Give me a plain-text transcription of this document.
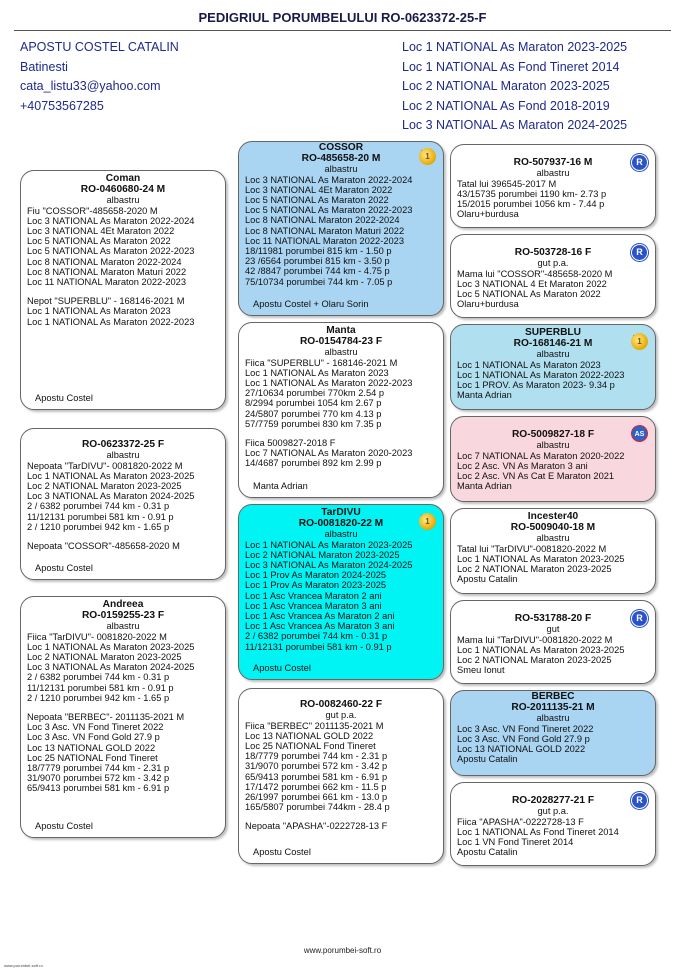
PEDIGRIUL PORUMBELULUI RO-0623372-25-F
APOSTU COSTEL CATALIN
Batinesti
cata_listu33@yahoo.com
+40753567285
Loc 1 NATIONAL As Maraton 2023-2025
Loc 1 NATIONAL As Fond Tineret 2014
Loc 2 NATIONAL Maraton 2023-2025
Loc 2 NATIONAL As Fond 2018-2019
Loc 3 NATIONAL As Maraton 2024-2025
Coman
RO-0460680-24 M
albastru
Fiu "COSSOR"-485658-2020 M
Loc 3 NATIONAL As Maraton 2022-2024
Loc 3 NATIONAL 4Et Maraton 2022
Loc 5 NATIONAL As Maraton 2022
Loc 5 NATIONAL As Maraton 2022-2023
Loc 8 NATIONAL Maraton 2022-2024
Loc 8 NATIONAL Maraton Maturi 2022
Loc 11 NATIONAL Maraton 2022-2023
Nepot "SUPERBLU" - 168146-2021 M
Loc 1 NATIONAL As Maraton 2023
Loc 1 NATIONAL As Maraton 2022-2023
Apostu Costel
RO-0623372-25 F
albastru
Nepoata "TarDIVU"- 0081820-2022 M
Loc 1 NATIONAL As Maraton 2023-2025
Loc 2 NATIONAL Maraton 2023-2025
Loc 3 NATIONAL As Maraton 2024-2025
2 / 6382 porumbei 744 km - 0.31 p
11/12131 porumbei 581 km - 0.91 p
2 / 1210 porumbei 942 km - 1.65 p
Nepoata "COSSOR"-485658-2020 M
Apostu Costel
Andreea
RO-0159255-23 F
albastru
Fiica "TarDIVU"- 0081820-2022 M
Loc 1 NATIONAL As Maraton 2023-2025
Loc 2 NATIONAL Maraton 2023-2025
Loc 3 NATIONAL As Maraton 2024-2025
2 / 6382 porumbei 744 km - 0.31 p
11/12131 porumbei 581 km - 0.91 p
2 / 1210 porumbei 942 km - 1.65 p
Nepoata "BERBEC"- 2011135-2021 M
Loc 3 Asc. VN Fond Tineret 2022
Loc 3 Asc. VN Fond Gold 27.9 p
Loc 13 NATIONAL GOLD 2022
Loc 25 NATIONAL Fond Tineret
18/7779 porumbei 744 km - 2.31 p
31/9070 porumbei 572 km - 3.42 p
65/9413 porumbei 581 km - 6.91 p
Apostu Costel
COSSOR
RO-485658-20 M
albastru
Loc 3 NATIONAL As Maraton 2022-2024
Loc 3 NATIONAL 4Et Maraton 2022
Loc 5 NATIONAL As Maraton 2022
Loc 5 NATIONAL As Maraton 2022-2023
Loc 8 NATIONAL Maraton 2022-2024
Loc 8 NATIONAL Maraton Maturi 2022
Loc 11 NATIONAL Maraton 2022-2023
18/11981 porumbei 815 km - 1.50 p
23 /6564 porumbei 815 km - 3.50 p
42 /8847 porumbei 744 km - 4.75 p
75/10734 porumbei 744 km - 7.05 p
Apostu Costel + Olaru Sorin
1
Manta
RO-0154784-23 F
albastru
Fiica "SUPERBLU" - 168146-2021 M
Loc 1 NATIONAL As Maraton 2023
Loc 1 NATIONAL As Maraton 2022-2023
27/10634 porumbei 770km 2.54 p
8/2994 porumbei 1054 km 2.67 p
24/5807 porumbei 770 km 4.13 p
57/7759 porumbei 830 km 7.35 p
Fiica 5009827-2018 F
Loc 7 NATIONAL As Maraton 2020-2023
14/4687 porumbei 892 km 2.99 p
Manta Adrian
TarDIVU
RO-0081820-22 M
albastru
Loc 1 NATIONAL As Maraton 2023-2025
Loc 2 NATIONAL Maraton 2023-2025
Loc 3 NATIONAL As Maraton 2024-2025
Loc 1 Prov As Maraton 2024-2025
Loc 1 Prov As Maraton 2023-2025
Loc 1 Asc Vrancea Maraton 2 ani
Loc 1 Asc Vrancea Maraton 3 ani
Loc 1 Asc Vrancea As Maraton 2 ani
Loc 1 Asc Vrancea As Maraton 3 ani
2 / 6382 porumbei 744 km - 0.31 p
11/12131 porumbei 581 km - 0.91 p
Apostu Costel
1
RO-0082460-22 F
gut p.a.
Fiica "BERBEC" 2011135-2021 M
Loc 13 NATIONAL GOLD 2022
Loc 25 NATIONAL Fond Tineret
18/7779 porumbei 744 km - 2.31 p
31/9070 porumbei 572 km - 3.42 p
65/9413 porumbei 581 km - 6.91 p
17/1472 porumbei 662 km - 11.5 p
26/1997 porumbei 661 km - 13.0 p
165/5807 porumbei 744km - 28.4 p
Nepoata "APASHA"-0222728-13 F
Apostu Costel
RO-507937-16 M
albastru
Tatal lui 396545-2017 M
43/15735 porumbei 1190 km- 2.73 p
15/2015 porumbei 1056 km - 7.44 p
Olaru+burdusa
R
RO-503728-16 F
gut p.a.
Mama lui "COSSOR"-485658-2020 M
Loc 3 NATIONAL 4 Et Maraton 2022
Loc 5 NATIONAL As Maraton 2022
Olaru+burdusa
R
SUPERBLU
RO-168146-21 M
albastru
Loc 1 NATIONAL As Maraton 2023
Loc 1 NATIONAL As Maraton 2022-2023
Loc 1 PROV. As Maraton 2023- 9.34 p
Manta Adrian
1
RO-5009827-18 F
albastru
Loc 7 NATIONAL As Maraton 2020-2022
Loc 2 Asc. VN As Maraton 3 ani
Loc 2 Asc. VN As Cat E Maraton 2021
Manta Adrian
AS
Incester40
RO-5009040-18 M
albastru
Tatal lui "TarDIVU"-0081820-2022 M
Loc 1 NATIONAL As Maraton 2023-2025
Loc 2 NATIONAL Maraton 2023-2025
Apostu Catalin
RO-531788-20 F
gut
Mama lui "TarDIVU"-0081820-2022 M
Loc 1 NATIONAL As Maraton 2023-2025
Loc 2 NATIONAL Maraton 2023-2025
Smeu Ionut
R
BERBEC
RO-2011135-21 M
albastru
Loc 3 Asc. VN Fond Tineret 2022
Loc 3 Asc. VN Fond Gold 27.9 p
Loc 13 NATIONAL GOLD 2022
Apostu Catalin
RO-2028277-21 F
gut p.a.
Fiica "APASHA"-0222728-13 F
Loc 1 NATIONAL As Fond Tineret 2014
Loc 1 VN Fond Tineret 2014
Apostu Catalin
R
www.porumbei-soft.ro
www.porumbei-soft.ro
